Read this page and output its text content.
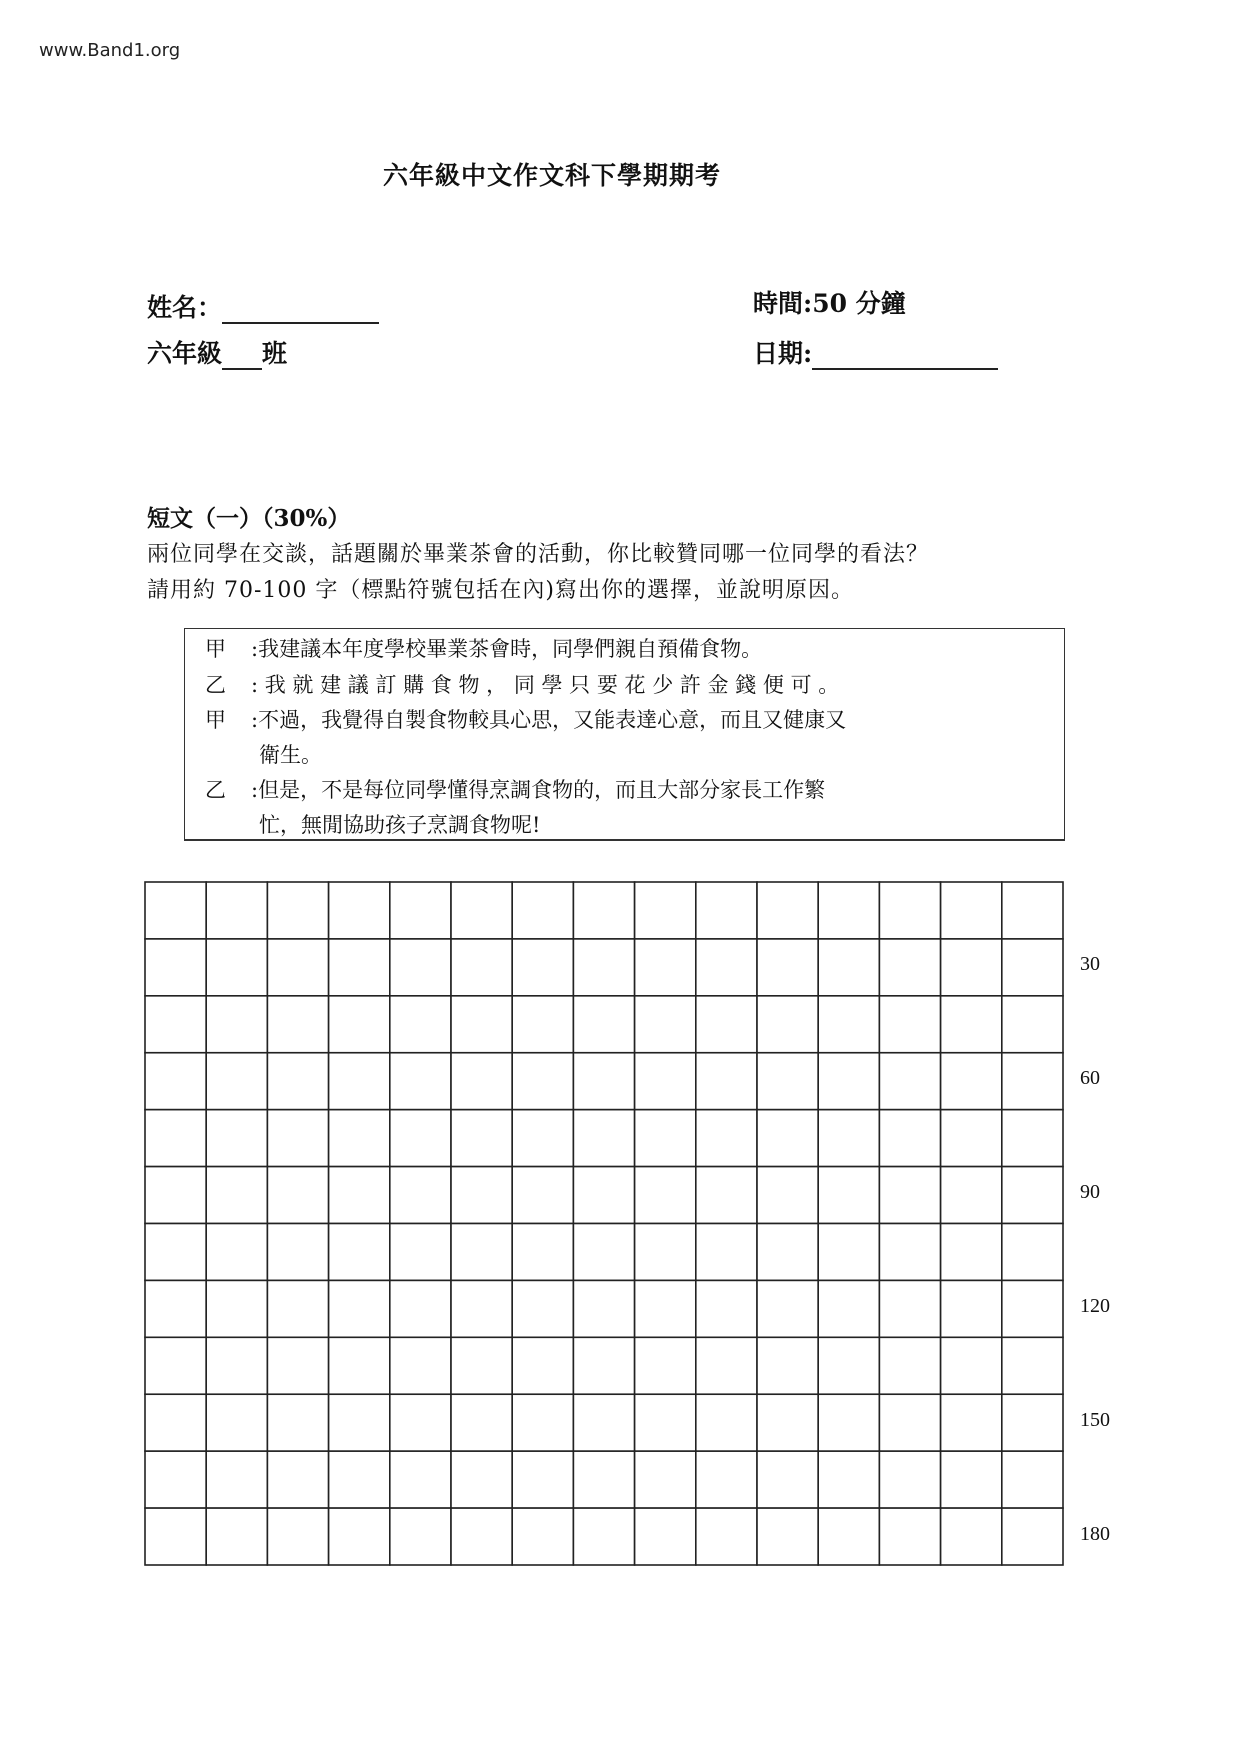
www.Band1.org
六年級中文作文科下學期期考
姓名：	時間:50 分鐘
六年級 班	日期:
短文（一）（30%）
兩位同學在交談，話題關於畢業茶會的活動，你比較贊同哪一位同學的看法？
請用約 70-100 字（標點符號包括在內)寫出你的選擇，並說明原因。
甲 :我建議本年度學校畢業茶會時，同學們親自預備食物。
乙 : 我 就 建 議 訂 購 食 物 ， 同 學 只 要 花 少 許 金 錢 便 可 。
甲 :不過，我覺得自製食物較具心思，又能表達心意，而且又健康又
衛生。
乙 :但是，不是每位同學懂得烹調食物的，而且大部分家長工作繁
忙，無閒協助孩子烹調食物呢!
30
60
90
120
150
180
